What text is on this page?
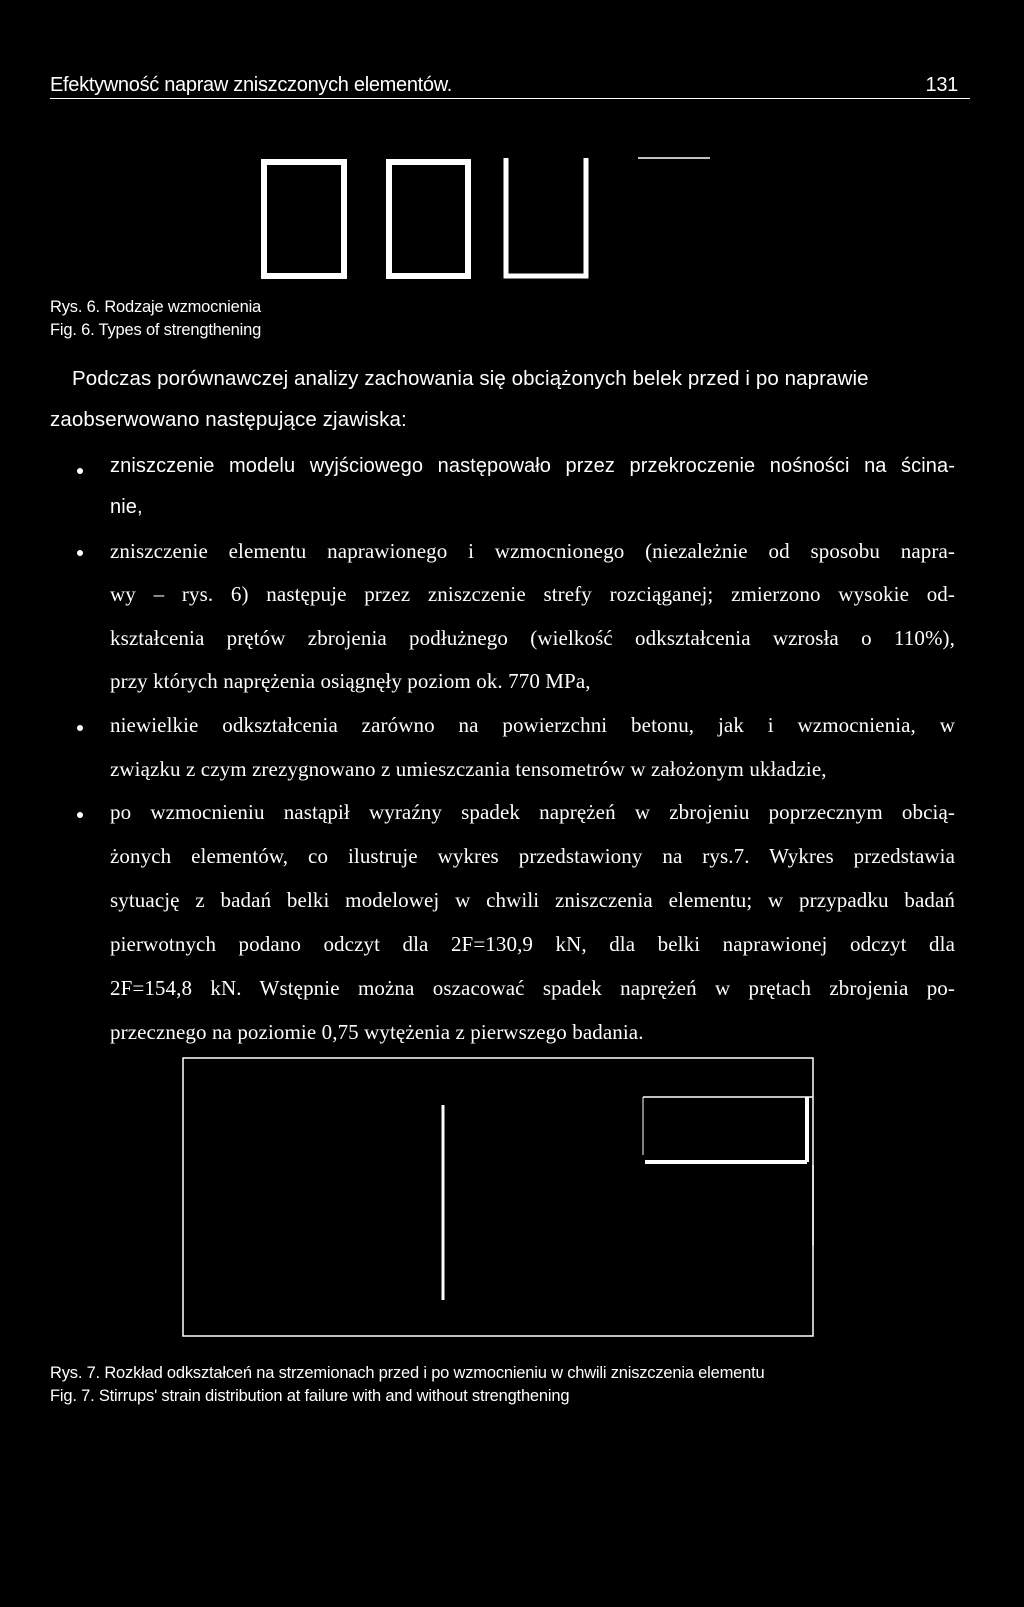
Efektywność napraw zniszczonych elementów.	131
Rys. 6. Rodzaje wzmocnienia
Fig. 6. Types of strengthening
Podczas porównawczej analizy zachowania się obciążonych belek przed i po naprawie
zaobserwowano następujące zjawiska:
zniszczenie modelu wyjściowego następowało przez przekroczenie nośności na ścina-
nie,
zniszczenie elementu naprawionego i wzmocnionego (niezależnie od sposobu napra-
wy – rys. 6) następuje przez zniszczenie strefy rozciąganej; zmierzono wysokie od-
kształcenia prętów zbrojenia podłużnego (wielkość odkształcenia wzrosła o 110%),
przy których naprężenia osiągnęły poziom ok. 770 MPa,
niewielkie odkształcenia zarówno na powierzchni betonu, jak i wzmocnienia, w
związku z czym zrezygnowano z umieszczania tensometrów w założonym układzie,
po wzmocnieniu nastąpił wyraźny spadek naprężeń w zbrojeniu poprzecznym obcią-
żonych elementów, co ilustruje wykres przedstawiony na rys.7. Wykres przedstawia
sytuację z badań belki modelowej w chwili zniszczenia elementu; w przypadku badań
pierwotnych podano odczyt dla 2F=130,9 kN, dla belki naprawionej odczyt dla
2F=154,8 kN. Wstępnie można oszacować spadek naprężeń w prętach zbrojenia po-
przecznego na poziomie 0,75 wytężenia z pierwszego badania.
Rys. 7. Rozkład odkształceń na strzemionach przed i po wzmocnieniu w chwili zniszczenia elementu
Fig. 7. Stirrups' strain distribution at failure with and without strengthening
